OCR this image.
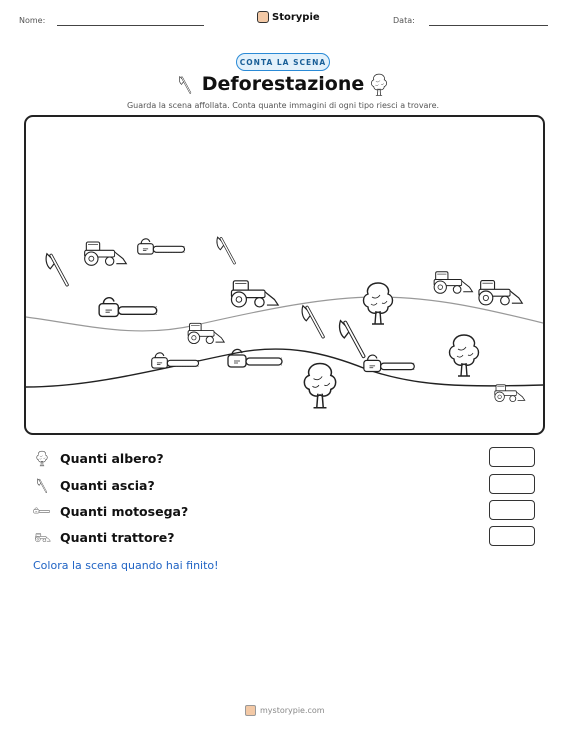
Nome:	Storypie	Data:
CONTA LA SCENA
Deforestazione
Guarda la scena affollata. Conta quante immagini di ogni tipo riesci a trovare.
Quanti albero?
Quanti ascia?
Quanti motosega?
Quanti trattore?
Colora la scena quando hai finito!
mystorypie.com
